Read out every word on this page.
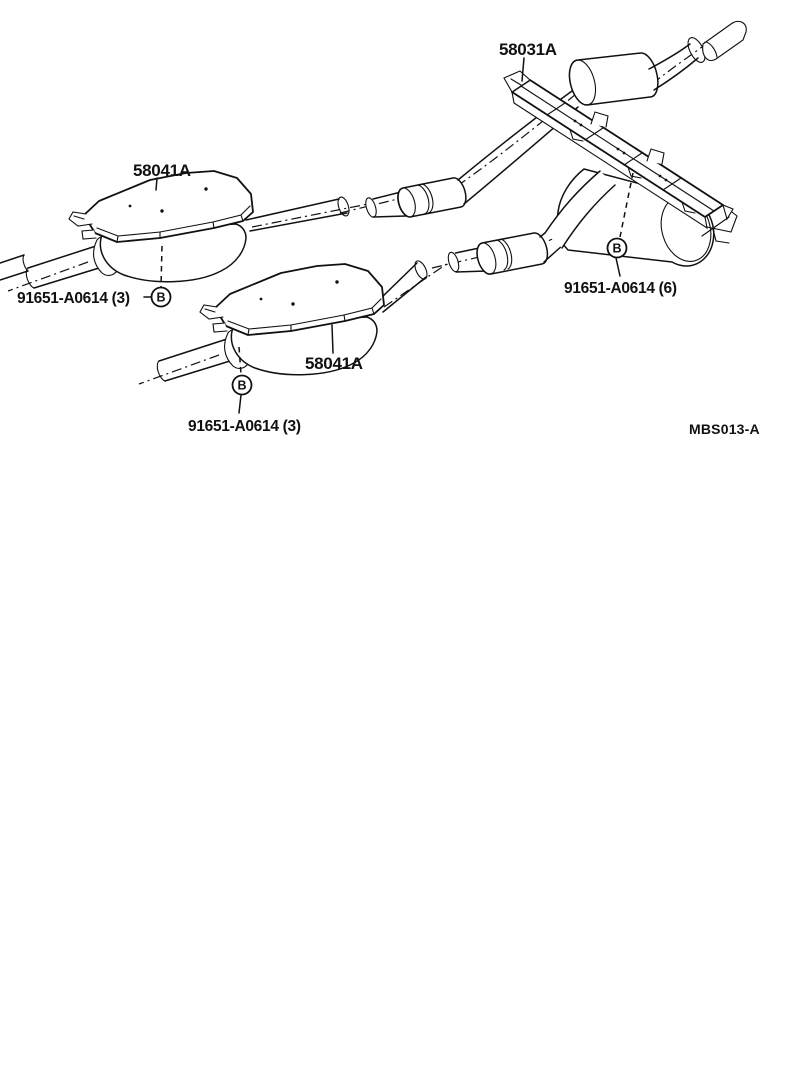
58041A
58031A
58041A
B
91651-A0614 (3)
B
91651-A0614 (3)
B
91651-A0614 (6)
MBS013-A
